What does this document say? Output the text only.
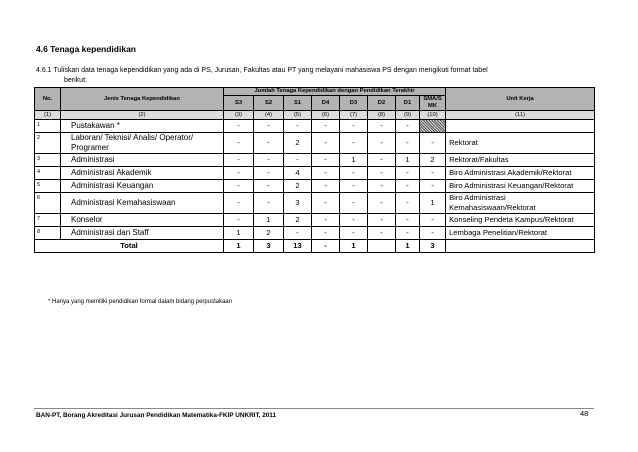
4.6 Tenaga kependidikan
4.6.1 Tuliskan data tenaga kependidikan yang ada di PS, Jurusan, Fakultas atau PT yang melayani mahasiswa PS dengan mengikuti format tabel
berikut:
No.	Jenis Tenaga Kependidikan	Jumlah Tenaga Kependidikan dengan Pendidikan Terakhir								Unit Kerja
		S3	S2	S1	D4	D3	D2	D1	SMA/S MK	
(1)	(2)	(3)	(4)	(5)	(6)	(7)	(8)	(9)	(10)	(11)
1	Pustakawan *	-	-	-	-	-	-	-		
2	Laboran/ Teknisi/ Analis/ Operator/ Programer	-	-	2	-	-	-	-	-	Rektorat
3	Administrasi	-	-	-	-	1	-	1	2	Rektorat/Fakultas
4	Administrasi Akademik	-	-	4	-	-	-	-	-	Biro Administrasi Akademik/Rektorat
5	Administrasi Keuangan	-	-	2	-	-	-	-	-	Biro Administrasi Keuangan/Rektorat
6	Administrasi Kemahasiswaan	-	-	3	-	-	-	-	1	Biro Administrasi Kemahasiswaan/Rektorat
7	Konselor	-	1	2	-	-	-	-	-	Konseling Pendeta Kampus/Rektorat
8	Administrasi dan Staff	1	2	-	-	-	-	-	-	Lembaga Penelitian/Rektorat
Total		1	3	13	-	1		1	3	
* Hanya yang memiliki pendidikan formal dalam bidang perpustakaan
BAN-PT, Borang Akreditasi Jurusan Pendidikan Matematika-FKIP UNKRIT, 2011	48
